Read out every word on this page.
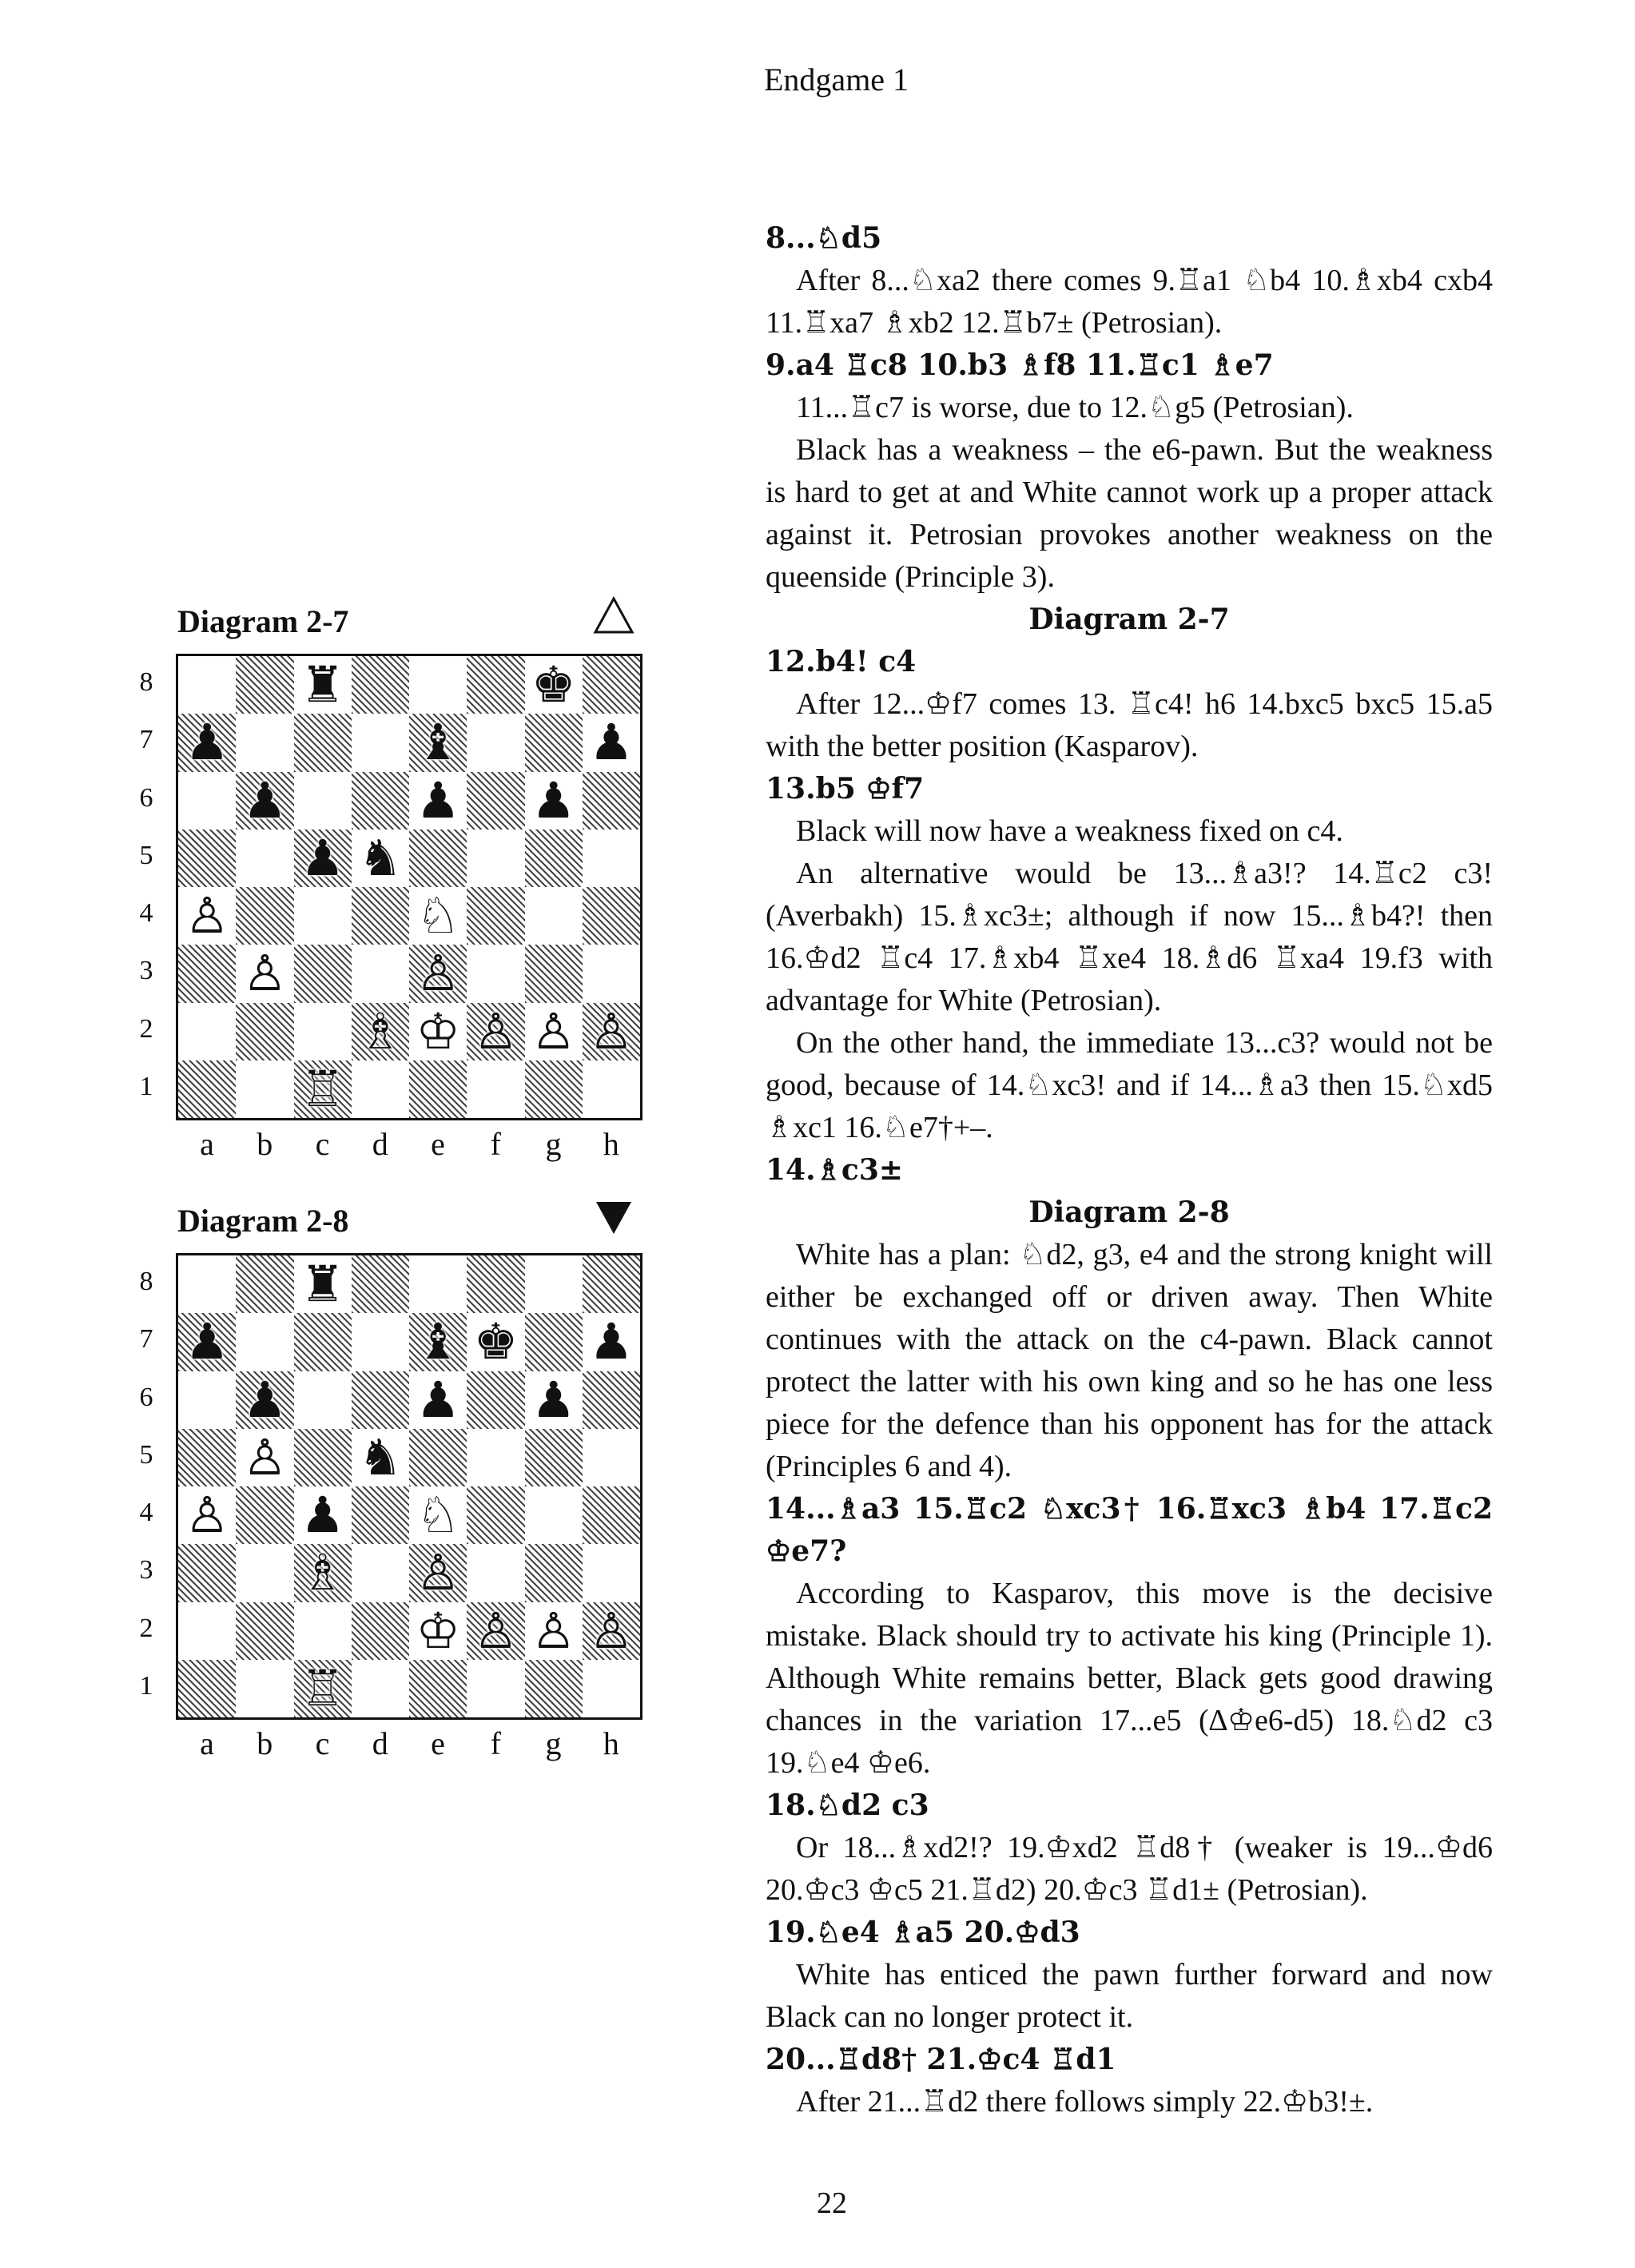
Endgame 1
Diagram 2-7
♜	♚
♟	♝	♟
♟	♟ ♟
♟ ♞
♙	♘
♙	♙
♗ ♔ ♙ ♙ ♙
♖
8
7
6
5
4
3
2
1
a	b	c	d	e	f	g	h
Diagram 2-8
♜
♟	♝ ♚ ♟
♟	♟ ♟
♙ ♞
♙ ♟ ♘
♗ ♙
♔ ♙ ♙ ♙
♖
8
7
6
5
4
3
2
1
a	b	c	d	e	f	g	h

8...♘d5

After 8...♘xa2 there comes 9.♖a1 ♘b4 10.♗xb4 cxb4 11.♖xa7 ♗xb2 12.♖b7± (Petrosian).

9.a4 ♖c8 10.b3 ♗f8 11.♖c1 ♗e7

11...♖c7 is worse, due to 12.♘g5 (Petrosian).

Black has a weakness – the e6-pawn. But the weakness is hard to get at and White cannot work up a proper attack against it. Petrosian provokes another weakness on the queenside (Principle 3).

Diagram 2-7

12.b4! c4

After 12...♔f7 comes 13. ♖c4! h6 14.bxc5 bxc5 15.a5 with the better position (Kasparov).

13.b5 ♔f7

Black will now have a weakness fixed on c4.

An alternative would be 13...♗a3!? 14.♖c2 c3! (Averbakh) 15.♗xc3±; although if now 15...♗b4?! then 16.♔d2 ♖c4 17.♗xb4 ♖xe4 18.♗d6 ♖xa4 19.f3 with advantage for White (Petrosian).

On the other hand, the immediate 13...c3? would not be good, because of 14.♘xc3! and if 14...♗a3 then 15.♘xd5 ♗xc1 16.♘e7†+–.

14.♗c3±

Diagram 2-8

White has a plan: ♘d2, g3, e4 and the strong knight will either be exchanged off or driven away. Then White continues with the attack on the c4-pawn. Black cannot protect the latter with his own king and so he has one less piece for the defence than his opponent has for the attack (Principles 6 and 4).

14...♗a3 15.♖c2 ♘xc3† 16.♖xc3 ♗b4 17.♖c2 ♔e7?

According to Kasparov, this move is the decisive mistake. Black should try to activate his king (Principle 1). Although White remains better, Black gets good drawing chances in the variation 17...e5 (∆♔e6-d5) 18.♘d2 c3 19.♘e4 ♔e6.

18.♘d2 c3

Or 18...♗xd2!? 19.♔xd2 ♖d8† (weaker is 19...♔d6 20.♔c3 ♔c5 21.♖d2) 20.♔c3 ♖d1± (Petrosian).

19.♘e4 ♗a5 20.♔d3

White has enticed the pawn further forward and now Black can no longer protect it.

20...♖d8† 21.♔c4 ♖d1

After 21...♖d2 there follows simply 22.♔b3!±.

22
